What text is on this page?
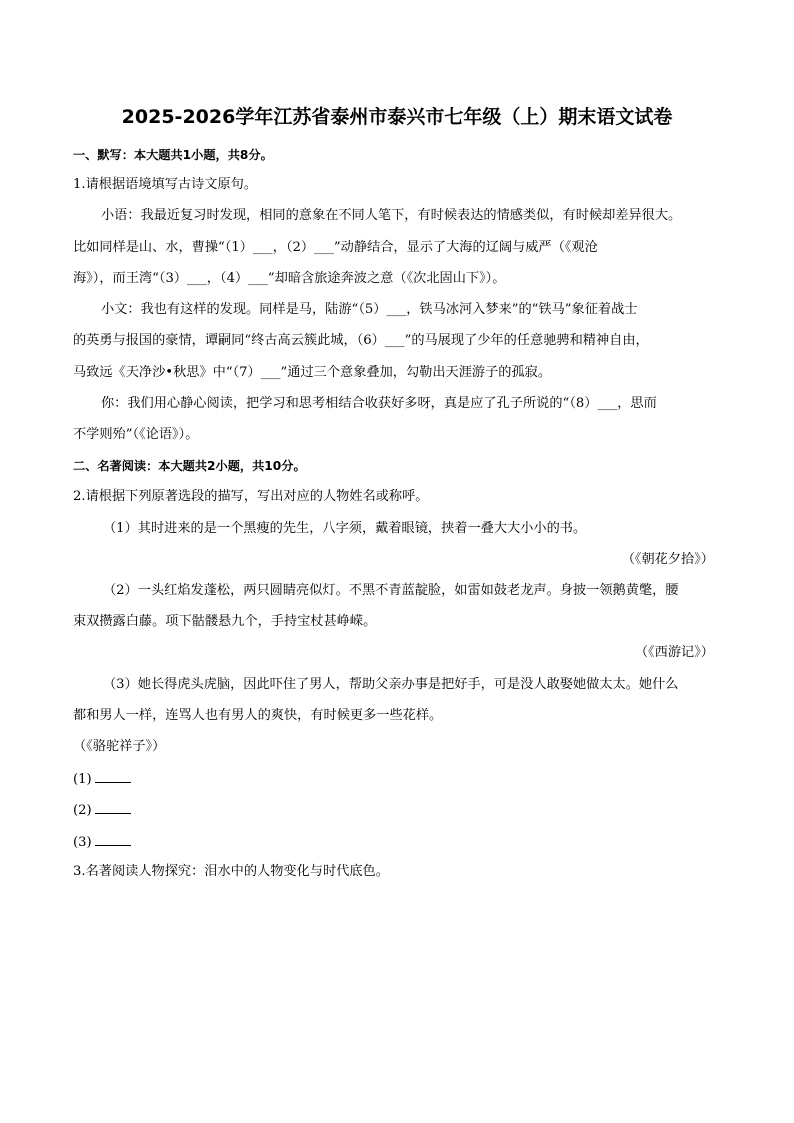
2025-2026学年江苏省泰州市泰兴市七年级（上）期末语文试卷
一、默写：本大题共1小题，共8分。
1.请根据语境填写古诗文原句。
小语：我最近复习时发现，相同的意象在不同人笔下，有时候表达的情感类似，有时候却差异很大。
比如同样是山、水，曹操“（1）___，（2）___”动静结合，显示了大海的辽阔与威严（《观沧
海》），而王湾“（3）___，（4）___”却暗含旅途奔波之意（《次北固山下》）。
小文：我也有这样的发现。同样是马，陆游“（5）___，铁马冰河入梦来”的“铁马”象征着战士
的英勇与报国的豪情，谭嗣同“终古高云簇此城，（6）___”的马展现了少年的任意驰骋和精神自由，
马致远《天净沙•秋思》中“（7）___”通过三个意象叠加，勾勒出天涯游子的孤寂。
你：我们用心静心阅读，把学习和思考相结合收获好多呀，真是应了孔子所说的“（8）___，思而
不学则殆”（《论语》）。
二、名著阅读：本大题共2小题，共10分。
2.请根据下列原著选段的描写，写出对应的人物姓名或称呼。
（1）其时进来的是一个黑瘦的先生，八字须，戴着眼镜，挟着一叠大大小小的书。
（《朝花夕拾》）
（2）一头红焰发蓬松，两只圆睛亮似灯。不黑不青蓝靛脸，如雷如鼓老龙声。身披一领鹅黄氅，腰
束双攒露白藤。项下骷髅悬九个，手持宝杖甚峥嵘。
（《西游记》）
（3）她长得虎头虎脑，因此吓住了男人，帮助父亲办事是把好手，可是没人敢娶她做太太。她什么
都和男人一样，连骂人也有男人的爽快，有时候更多一些花样。
（《骆驼祥子》）
(1)
(2)
(3)
3.名著阅读人物探究：泪水中的人物变化与时代底色。
